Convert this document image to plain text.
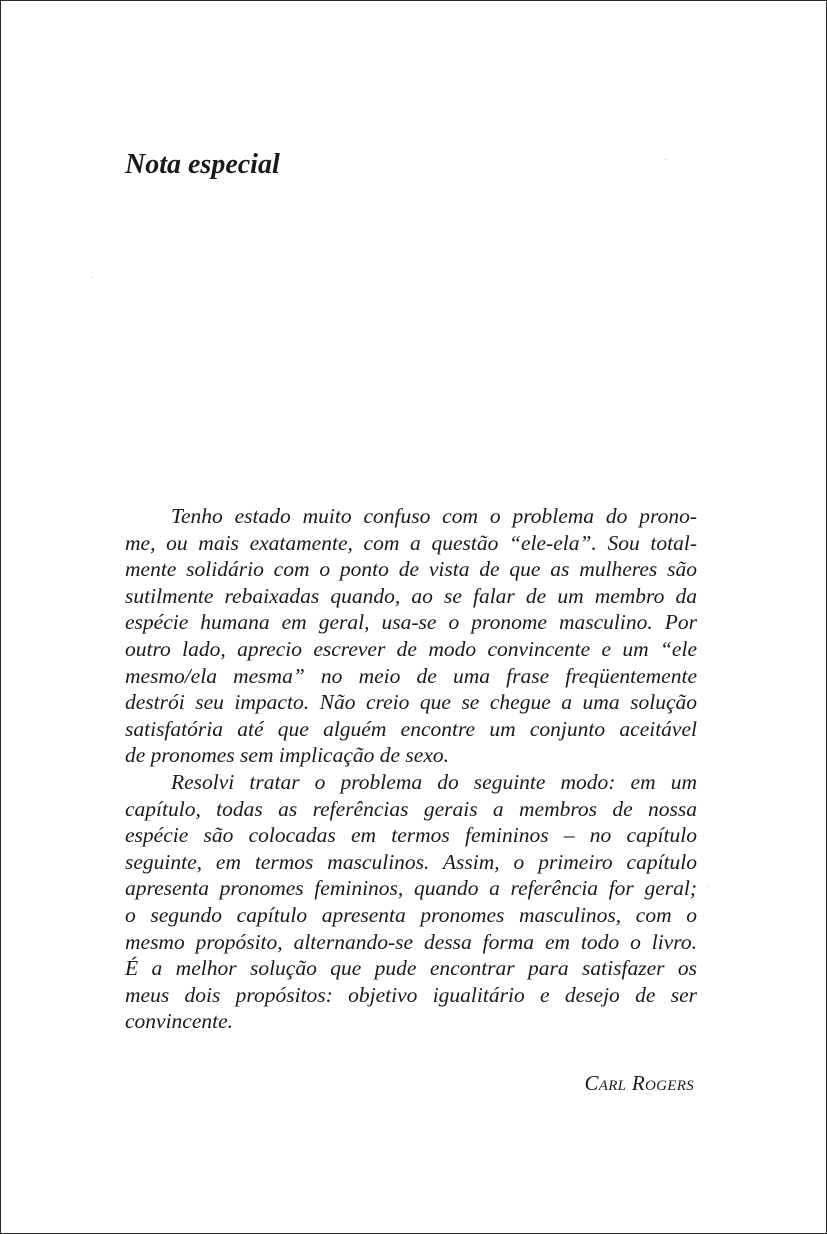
Nota especial
Tenho estado muito confuso com o problema do prono-
me, ou mais exatamente, com a questão “ele-ela”. Sou total-
mente solidário com o ponto de vista de que as mulheres são
sutilmente rebaixadas quando, ao se falar de um membro da
espécie humana em geral, usa-se o pronome masculino. Por
outro lado, aprecio escrever de modo convincente e um “ele
mesmo/ela mesma” no meio de uma frase freqüentemente
destrói seu impacto. Não creio que se chegue a uma solução
satisfatória até que alguém encontre um conjunto aceitável
de pronomes sem implicação de sexo.
Resolvi tratar o problema do seguinte modo: em um
capítulo, todas as referências gerais a membros de nossa
espécie são colocadas em termos femininos – no capítulo
seguinte, em termos masculinos. Assim, o primeiro capítulo
apresenta pronomes femininos, quando a referência for geral;
o segundo capítulo apresenta pronomes masculinos, com o
mesmo propósito, alternando-se dessa forma em todo o livro.
É a melhor solução que pude encontrar para satisfazer os
meus dois propósitos: objetivo igualitário e desejo de ser
convincente.
Carl Rogers
